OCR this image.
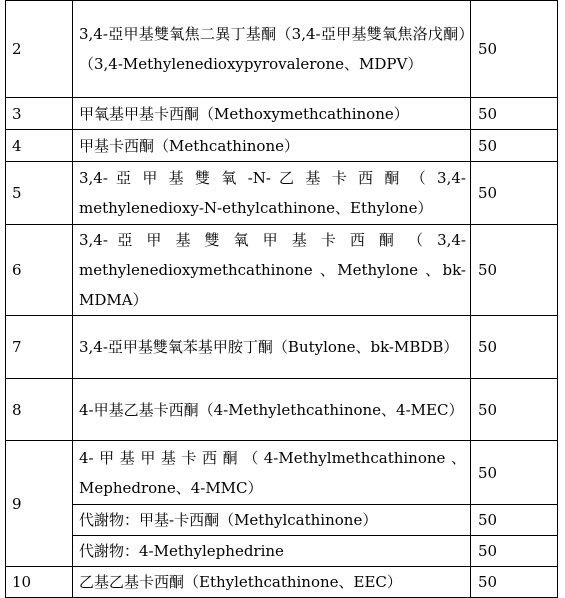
2	3,4-亞甲基雙氧焦二異丁基酮（3,4-亞甲基雙氧焦洛戊酮）（3,4-Methylenedioxypyrovalerone、MDPV）	50
3	甲氧基甲基卡西酮（Methoxymethcathinone）	50
4	甲基卡西酮（Methcathinone）	50
5	3,4- 亞 甲 基 雙 氧 -N- 乙 基 卡 西 酮 （ 3,4-methylenedioxy-N-ethylcathinone、Ethylone）	50
6	3,4- 亞 甲 基 雙 氧 甲 基 卡 西 酮 （ 3,4-methylenedioxymethcathinone 、Methylone 、bk-MDMA）	50
7	3,4-亞甲基雙氧苯基甲胺丁酮（Butylone、bk-MBDB）	50
8	4-甲基乙基卡西酮（4-Methylethcathinone、4-MEC）	50
9	4-甲基甲基卡西酮（4-Methylmethcathinone、Mephedrone、4-MMC）	50
	代謝物：甲基-卡西酮（Methylcathinone）	50
	代謝物：4-Methylephedrine	50
10	乙基乙基卡西酮（Ethylethcathinone、EEC）	50
